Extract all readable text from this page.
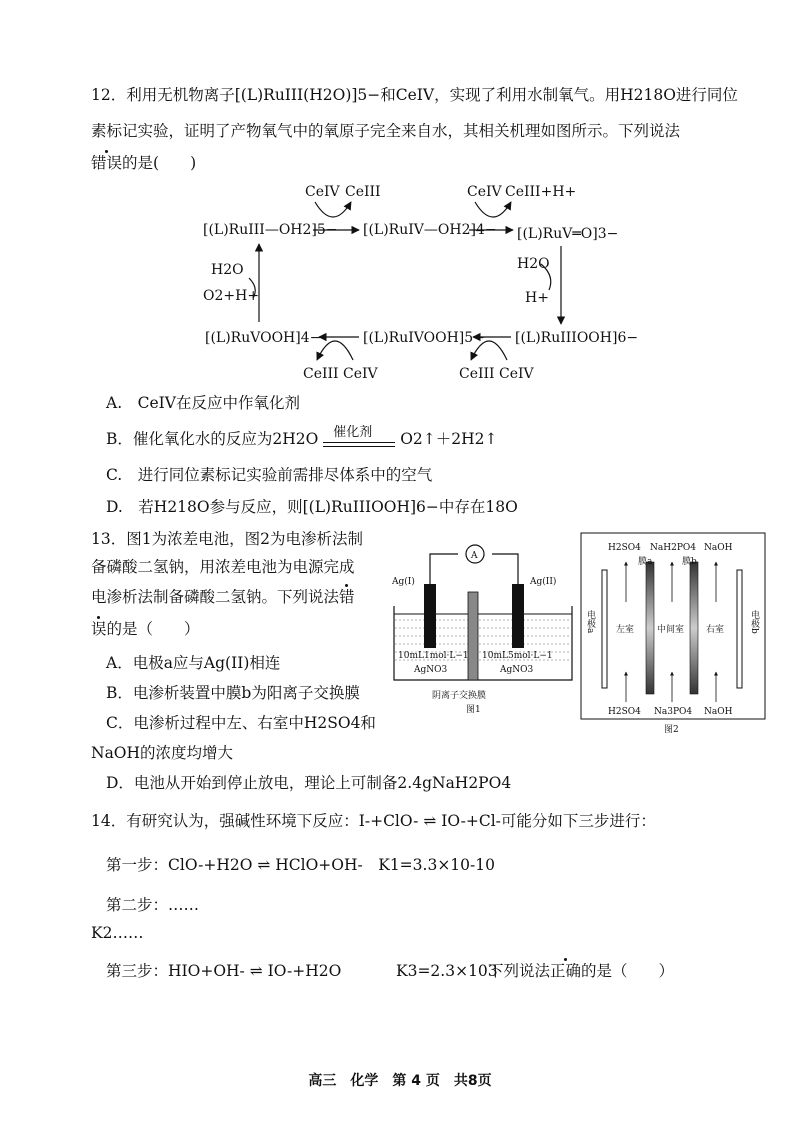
12．利用无机物离子[(L)RuIII(H2O)]5−和CeIV，实现了利用水制氧气。用H218O进行同位
素标记实验，证明了产物氧气中的氧原子完全来自水，其相关机理如图所示。下列说法
错误的是(　　)
[(L)RuIII—OH2]5− [(L)RuIV—OH2]4− [(L)RuV═O]3−
[(L)RuIIIOOH]6−
[(L)RuIVOOH]5−
[(L)RuVOOH]4−
CeIV CeIII	CeIV CeIII+H+
H2O
H+
CeIII CeIV
CeIII CeIV
H2O
O2+H+
A.　CeIV在反应中作氧化剂
B．催化氧化水的反应为2H2O 催化剂 O2↑＋2H2↑
C.　进行同位素标记实验前需排尽体系中的空气
D.　若H218O参与反应，则[(L)RuIIIOOH]6−中存在18O
13．图1为浓差电池，图2为电渗析法制
备磷酸二氢钠，用浓差电池为电源完成
电渗析法制备磷酸二氢钠。下列说法错
误的是（　　）
A．电极a应与Ag(II)相连
B．电渗析装置中膜b为阳离子交换膜
C．电渗析过程中左、右室中H2SO4和
NaOH的浓度均增大
D．电池从开始到停止放电，理论上可制备2.4gNaH2PO4
A
Ag(I)	Ag(II)
10mL1mol·L−1
AgNO3
10mL5mol·L−1
AgNO3
阴离子交换膜
图1
H2SO4 NaH2PO4 NaOH
膜a	膜b
左室	中间室 右室
H2SO4 Na3PO4 NaOH
图2
电极a	电极b
14．有研究认为，强碱性环境下反应：I-+ClO- ⇌ IO-+Cl-可能分如下三步进行：
第一步：ClO-+H2O ⇌ HClO+OH-　K1=3.3×10-10
第二步：……
K2……
第三步：HIO+OH- ⇌ IO-+H2O	K3=2.3×103
下列说法正确的是（　　）
高三　化学　第 4 页　共8页
